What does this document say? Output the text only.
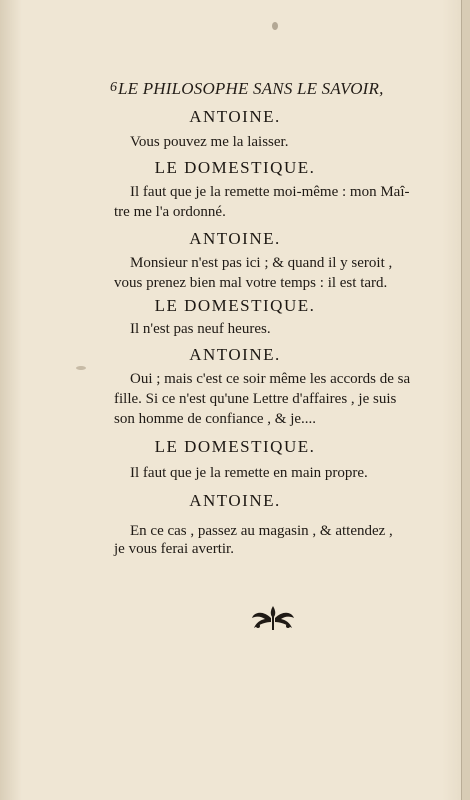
6 LE PHILOSOPHE SANS LE SAVOIR,
ANTOINE.
Vous pouvez me la laisser.
LE DOMESTIQUE.
Il faut que je la remette moi-même : mon Maî-
tre me l'a ordonné.
ANTOINE.
Monsieur n'est pas ici ; & quand il y seroit ,
vous prenez bien mal votre temps : il est tard.
LE DOMESTIQUE.
Il n'est pas neuf heures.
ANTOINE.
Oui ; mais c'est ce soir même les accords de sa
fille. Si ce n'est qu'une Lettre d'affaires , je suis
son homme de confiance , & je....
LE DOMESTIQUE.
Il faut que je la remette en main propre.
ANTOINE.
En ce cas , passez au magasin , & attendez ,
je vous ferai avertir.
